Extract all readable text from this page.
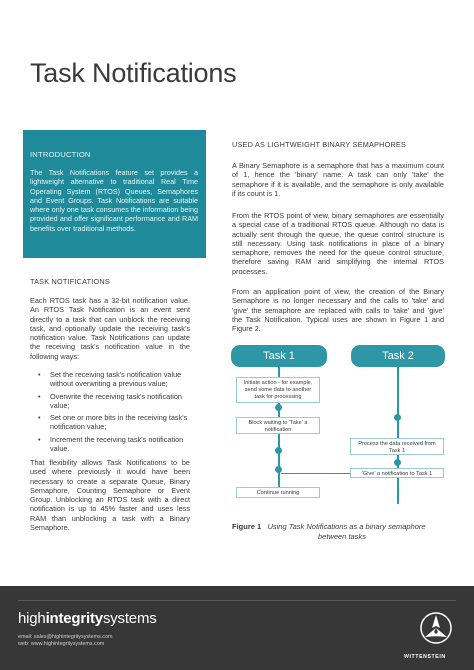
Task Notifications
INTRODUCTION
The Task Notifications feature set provides a lightweight alternative to traditional Real Time Operating System (RTOS) Queues, Semaphores and Event Groups. Task Notifications are suitable where only one task consumes the information being provided and offer significant performance and RAM benefits over traditional methods.
TASK NOTIFICATIONS
Each RTOS task has a 32-bit notification value. An RTOS Task Notification is an event sent directly to a task that can unblock the receiving task, and optionally update the receiving task's notification value. Task Notifications can update the receiving task's notification value in the following ways:
• Set the receiving task's notification value without overwriting a previous value;
• Overwrite the receiving task's notification value;
• Set one or more bits in the receiving task's notification value;
• Increment the receiving task's notification value.
That flexibility allows Task Notifications to be used where previously it would have been necessary to create a separate Queue, Binary Semaphore, Counting Semaphore or Event Group. Unblocking an RTOS task with a direct notification is up to 45% faster and uses less RAM than unblocking a task with a Binary Semaphore.
USED AS LIGHTWEIGHT BINARY SEMAPHORES
A Binary Semaphore is a semaphore that has a maximum count of 1, hence the 'binary' name. A task can only 'take' the semaphore if it is available, and the semaphore is only available if its count is 1.
From the RTOS point of view, binary semaphores are essentially a special case of a traditional RTOS queue. Although no data is actually sent through the queue, the queue control structure is still necessary. Using task notifications in place of a binary semaphore, removes the need for the queue control structure, therefore saving RAM and simplifying the internal RTOS processes.
From an application point of view, the creation of the Binary Semaphore is no longer necessary and the calls to 'take' and 'give' the semaphore are replaced with calls to 'take' and 'give' the Task Notification. Typical uses are shown in Figure 1 and Figure 2.
Task 1	Task 2
Initiate action - for example, send some data to another task for processing
Block waiting to 'Take' a notification
Process the data received from Task 1
'Give' a notification to Task 1
Continue running
Figure 1 Using Task Notifications as a binary semaphore
between tasks
highintegritysystems
email: sales@highintegritysystems.com
web: www.highintegritysystems.com
WITTENSTEIN
